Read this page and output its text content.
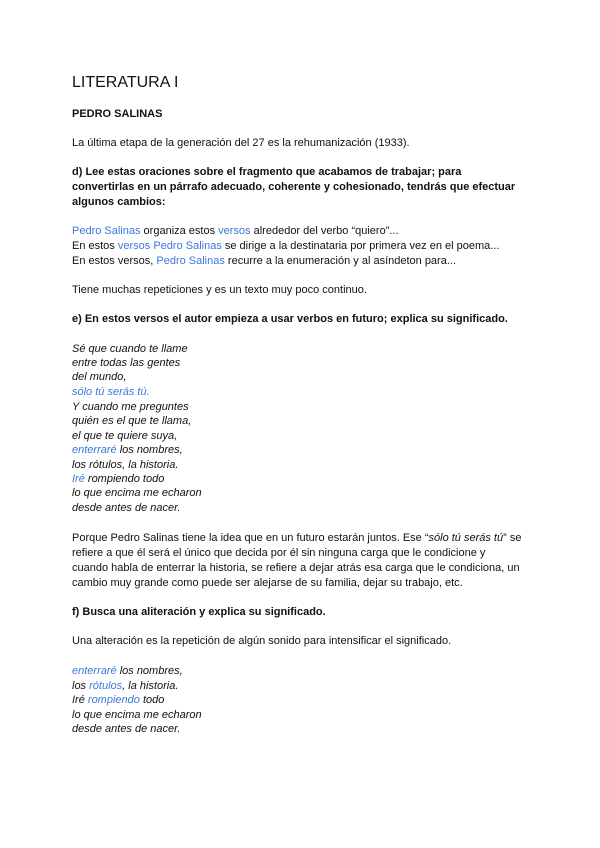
LITERATURA I
PEDRO SALINAS
La última etapa de la generación del 27 es la rehumanización (1933).
d) Lee estas oraciones sobre el fragmento que acabamos de trabajar; para
convertirlas en un párrafo adecuado, coherente y cohesionado, tendrás que efectuar
algunos cambios:
Pedro Salinas organiza estos versos alrededor del verbo “quiero”...
En estos versos Pedro Salinas se dirige a la destinataria por primera vez en el poema...
En estos versos, Pedro Salinas recurre a la enumeración y al asíndeton para...
Tiene muchas repeticiones y es un texto muy poco continuo.
e) En estos versos el autor empieza a usar verbos en futuro; explica su significado.
Sé que cuando te llame
entre todas las gentes
del mundo,
sólo tú serás tú.
Y cuando me preguntes
quién es el que te llama,
el que te quiere suya,
enterraré los nombres,
los rótulos, la historia.
Iré rompiendo todo
lo que encima me echaron
desde antes de nacer.
Porque Pedro Salinas tiene la idea que en un futuro estarán juntos. Ese “sólo tú serás tú” se
refiere a que él será el único que decida por él sin ninguna carga que le condicione y
cuando habla de enterrar la historia, se refiere a dejar atrás esa carga que le condiciona, un
cambio muy grande como puede ser alejarse de su familia, dejar su trabajo, etc.
f) Busca una aliteración y explica su significado.
Una alteración es la repetición de algún sonido para intensificar el significado.
enterraré los nombres,
los rótulos, la historia.
Iré rompiendo todo
lo que encima me echaron
desde antes de nacer.
